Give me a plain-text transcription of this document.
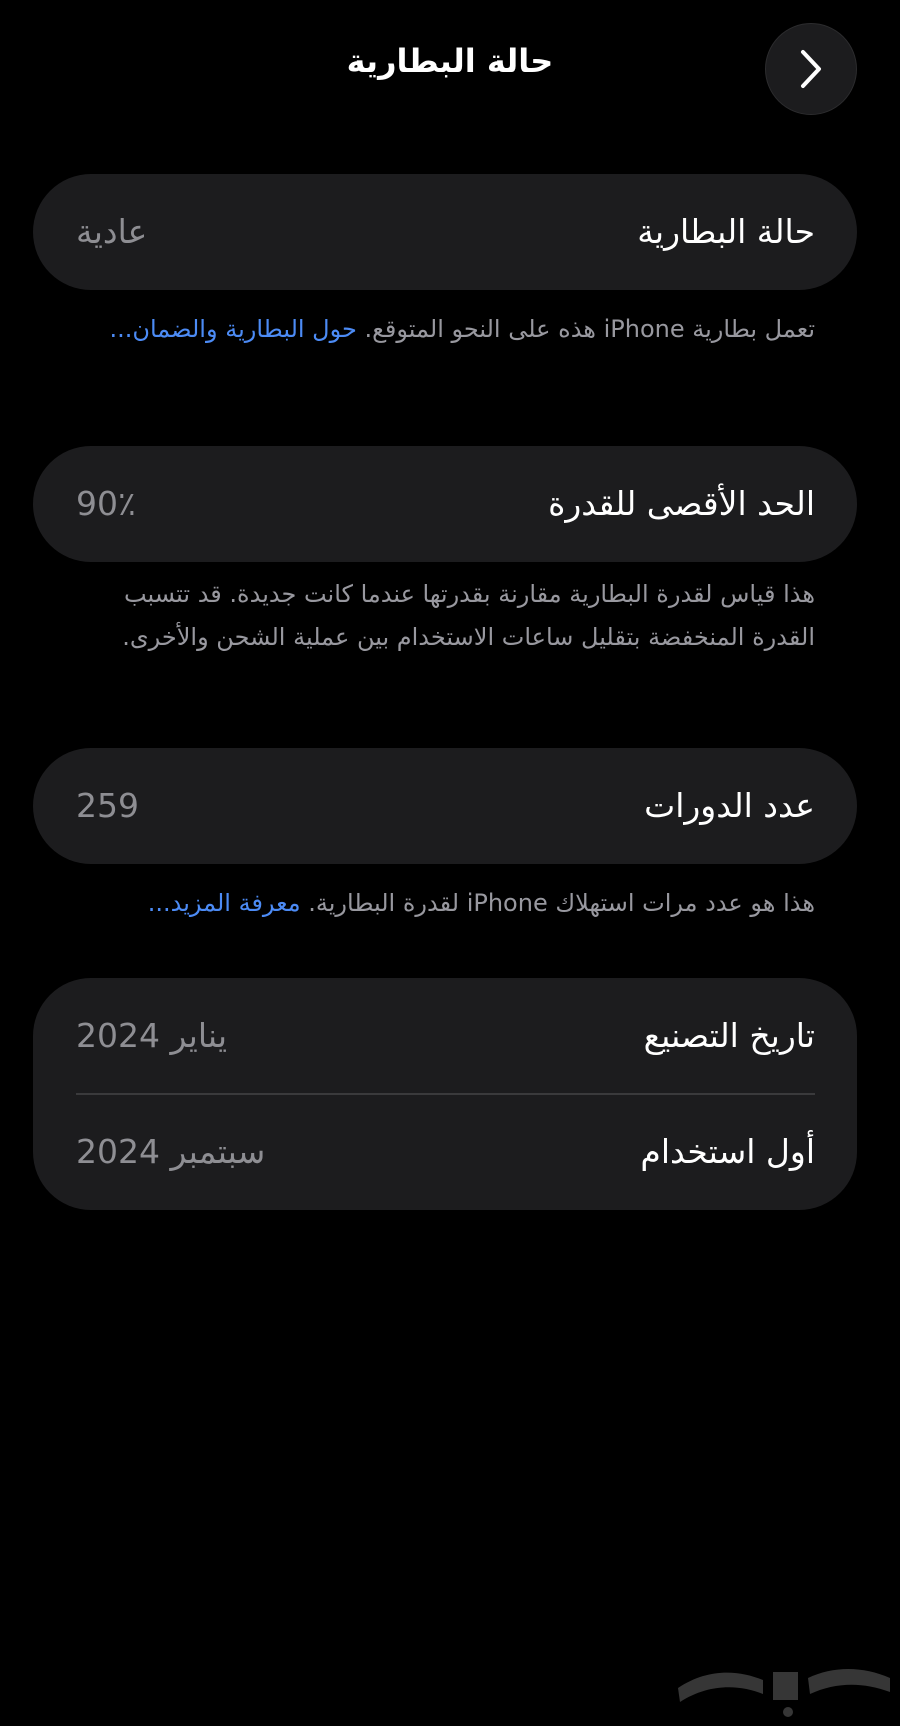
حالة البطارية
حالة البطارية
عادية
تعمل بطارية iPhone هذه على النحو المتوقع. حول البطارية والضمان...
الحد الأقصى للقدرة
90٪
هذا قياس لقدرة البطارية مقارنة بقدرتها عندما كانت جديدة. قد تتسبب القدرة المنخفضة بتقليل ساعات الاستخدام بين عملية الشحن والأخرى.
عدد الدورات
259
هذا هو عدد مرات استهلاك iPhone لقدرة البطارية. معرفة المزيد...
تاريخ التصنيع
يناير 2024
أول استخدام
سبتمبر 2024
